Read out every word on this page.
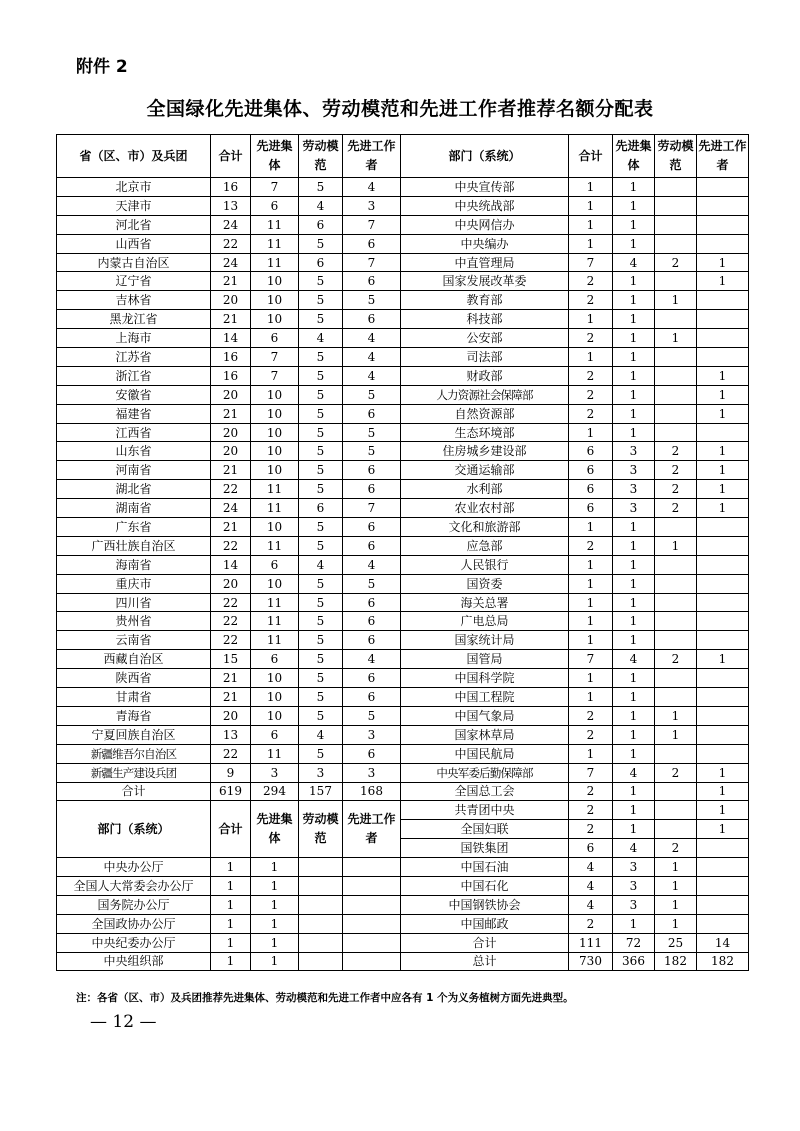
附件 2
全国绿化先进集体、劳动模范和先进工作者推荐名额分配表
省（区、市）及兵团	合计	先进集体	劳动模范	先进工作者	部门（系统）	合计	先进集体	劳动模范	先进工作者
北京市	16	7	5	4	中央宣传部	1	1		
天津市	13	6	4	3	中央统战部	1	1		
河北省	24	11	6	7	中央网信办	1	1		
山西省	22	11	5	6	中央编办	1	1		
内蒙古自治区	24	11	6	7	中直管理局	7	4	2	1
辽宁省	21	10	5	6	国家发展改革委	2	1		1
吉林省	20	10	5	5	教育部	2	1	1	
黑龙江省	21	10	5	6	科技部	1	1		
上海市	14	6	4	4	公安部	2	1	1	
江苏省	16	7	5	4	司法部	1	1		
浙江省	16	7	5	4	财政部	2	1		1
安徽省	20	10	5	5	人力资源社会保障部	2	1		1
福建省	21	10	5	6	自然资源部	2	1		1
江西省	20	10	5	5	生态环境部	1	1		
山东省	20	10	5	5	住房城乡建设部	6	3	2	1
河南省	21	10	5	6	交通运输部	6	3	2	1
湖北省	22	11	5	6	水利部	6	3	2	1
湖南省	24	11	6	7	农业农村部	6	3	2	1
广东省	21	10	5	6	文化和旅游部	1	1		
广西壮族自治区	22	11	5	6	应急部	2	1	1	
海南省	14	6	4	4	人民银行	1	1		
重庆市	20	10	5	5	国资委	1	1		
四川省	22	11	5	6	海关总署	1	1		
贵州省	22	11	5	6	广电总局	1	1		
云南省	22	11	5	6	国家统计局	1	1		
西藏自治区	15	6	5	4	国管局	7	4	2	1
陕西省	21	10	5	6	中国科学院	1	1		
甘肃省	21	10	5	6	中国工程院	1	1		
青海省	20	10	5	5	中国气象局	2	1	1	
宁夏回族自治区	13	6	4	3	国家林草局	2	1	1	
新疆维吾尔自治区	22	11	5	6	中国民航局	1	1		
新疆生产建设兵团	9	3	3	3	中央军委后勤保障部	7	4	2	1
合计	619	294	157	168	全国总工会	2	1		1
部门（系统）	合计	先进集体	劳动模范	先进工作者	共青团中央	2	1		1
					全国妇联	2	1		1
					国铁集团	6	4	2	
中央办公厅	1	1			中国石油	4	3	1	
全国人大常委会办公厅	1	1			中国石化	4	3	1	
国务院办公厅	1	1			中国钢铁协会	4	3	1	
全国政协办公厅	1	1			中国邮政	2	1	1	
中央纪委办公厅	1	1			合计	111	72	25	14
中央组织部	1	1			总计	730	366	182	182
注：各省（区、市）及兵团推荐先进集体、劳动模范和先进工作者中应各有 1 个为义务植树方面先进典型。
— 12 —
